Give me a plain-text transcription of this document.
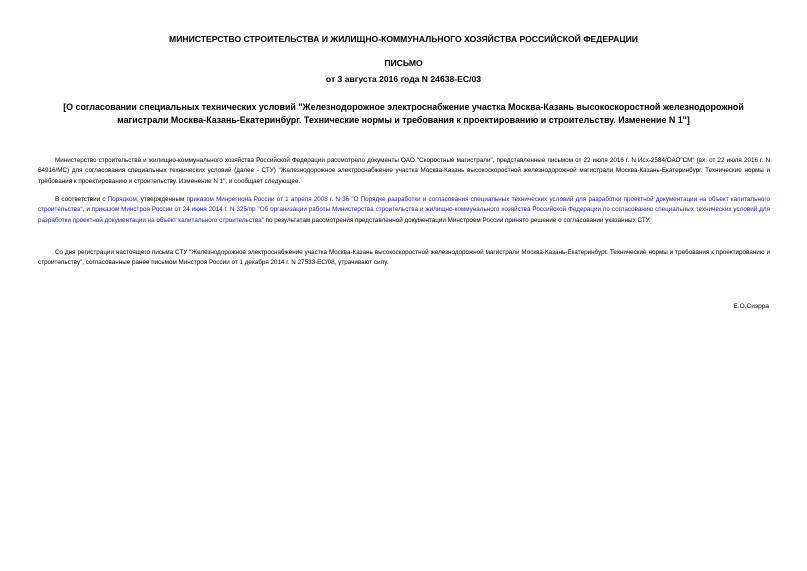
МИНИСТЕРСТВО СТРОИТЕЛЬСТВА И ЖИЛИЩНО-КОММУНАЛЬНОГО ХОЗЯЙСТВА РОССИЙСКОЙ ФЕДЕРАЦИИ
ПИСЬМО
от 3 августа 2016 года N 24638-ЕС/03
[О согласовании специальных технических условий "Железнодорожное электроснабжение участка Москва-Казань высокоскоростной железнодорожной магистрали Москва-Казань-Екатеринбург. Технические нормы и требования к проектированию и строительству. Изменение N 1"]

Министерство строительства и жилищно-коммунального хозяйства Российской Федерации рассмотрело документы ОАО "Скоростные магистрали", представленные письмом от 22 июля 2016 г. N Исх-2584/ОАО"СМ" (вх. от 22 июля 2016 г. N 64916/МС) для согласования специальных технических условий (далее - СТУ) "Железнодорожное электроснабжение участка Москва-Казань высокоскоростной железнодорожной магистрали Москва-Казань-Екатеринбург. Технические нормы и требования к проектированию и строительству. Изменение N 1", и сообщает следующее.

В соответствии с Порядком, утвержденным приказом Минрегиона России от 1 апреля 2008 г. N 36 "О Порядке разработки и согласования специальных технических условий для разработки проектной документации на объект капитального строительства", и приказом Минстроя России от 24 июня 2014 г. N 325/пр "Об организации работы Министерства строительства и жилищно-коммунального хозяйства Российской Федерации по согласованию специальных технических условий для разработки проектной документации на объект капитального строительства" по результатам рассмотрения представленной документации Минстроем России принято решение о согласовании указанных СТУ.

Со дня регистрации настоящего письма СТУ "Железнодорожное электроснабжение участка Москва-Казань высокоскоростной железнодорожной магистрали Москва-Казань-Екатеринбург. Технические нормы и требования к проектированию и строительству", согласованные ранее письмом Минстроя России от 1 декабря 2014 г. N 27533-ЕС/08, утрачивают силу.

Е.О.Сиэрра
